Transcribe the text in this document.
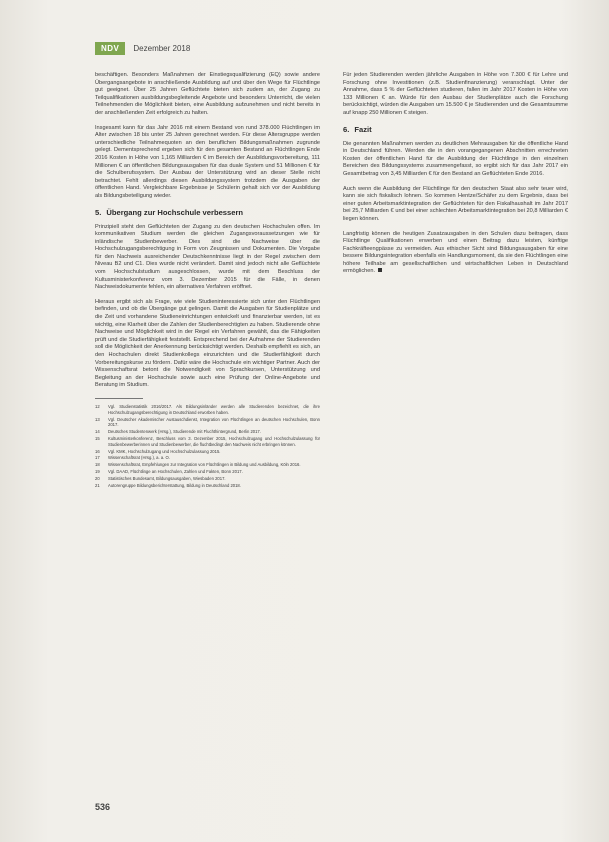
NDV	Dezember 2018

beschäftigen. Besonders Maßnahmen der Einstiegsqualifizierung (EQ) sowie andere Übergangsangebote in anschließende Ausbildung auf und über den Wege für Flüchtlinge gut geeignet. Über 25 Jahren Geflüchtete bieten sich zudem an, der Zugang zu Teilqualifikationen ausbildungsbegleitende Angebote und besonders Unterricht, die vielen Teilnehmenden die Möglichkeit bieten, eine Ausbildung aufzunehmen und nicht bereits in der anschließenden Zeit erfolgreich zu halten.

Insgesamt kann für das Jahr 2016 mit einem Bestand von rund 378.000 Flüchtlingen im Alter zwischen 18 bis unter 25 Jahren gerechnet werden. Für diese Altersgruppe werden unterschiedliche Teilnahmequoten an den beruflichen Bildungsmaßnahmen zugrunde gelegt. Dementsprechend ergeben sich für den gesamten Bestand an Flüchtlingen Ende 2016 Kosten in Höhe von 1,165 Milliarden € im Bereich der Ausbildungsvorbereitung, 111 Millionen € an öffentlichen Bildungsausgaben für das duale System und 51 Millionen € für die Schulberufssystem. Der Ausbau der Unterstützung wird an dieser Stelle nicht betrachtet. Fehlt allerdings diesen Ausbildungssystem trotzdem die Ausgaben der öffentlichen Hand. Vergleichbare Ergebnisse je Schülerin gehalt sich vor der Ausbildung als Bildungsbeteiligung wieder.

5. Übergang zur Hochschule verbessern

Prinzipiell steht den Geflüchteten der Zugang zu den deutschen Hochschulen offen. Im kommunikativen Studium werden die gleichen Zugangsvoraussetzungen wie für inländische Studienbewerber. Dies sind die Nachweise über die Hochschulzugangsberechtigung in Form von Zeugnissen und Dokumenten. Die Vorgabe für den Nachweis ausreichender Deutschkenntnisse liegt in der Regel zwischen dem Niveau B2 und C1. Dies wurde nicht verändert. Damit sind jedoch nicht alle Geflüchtete vom Hochschulstudium ausgeschlossen, wurde mit dem Beschluss der Kultusministerkonferenz vom 3. Dezember 2015 für die Fälle, in denen Nachweisdokumente fehlen, ein alternatives Verfahren eröffnet.

Hieraus ergibt sich als Frage, wie viele Studieninteressierte sich unter den Flüchtlingen befinden, und ob die Übergänge gut gelingen. Damit die Ausgaben für Studienplätze und die Zeit und vorhandene Studieneinrichtungen entwickelt und finanzierbar werden, ist es wichtig, eine Klarheit über die Zahlen der Studienberechtigten zu haben. Studierende ohne Nachweise und Möglichkeit wird in der Regel ein Verfahren gewählt, das die Fähigkeiten prüft und die Studierfähigkeit feststellt. Entsprechend bei der Aufnahme der Studierenden soll die Möglichkeit der Anerkennung berücksichtigt werden. Deshalb empfiehlt es sich, an den Hochschulen direkt Studienkollegs einzurichten und die Studierfähigkeit durch Vorbereitungskurse zu fördern. Dafür wäre die Hochschule ein wichtiger Partner. Auch der Wissenschaftsrat betont die Notwendigkeit von Sprachkursen, Unterstützung und Begleitung an der Hochschule sowie auch eine Prüfung der Online-Angebote und Beratung im Studium.

12	Vgl. Studienstatistik 2016/2017. Als Bildungsinländer werden alle Studierenden bezeichnet, die ihre Hochschulzugangsberechtigung in Deutschland erworben haben.
13	Vgl. Deutscher Akademischer Austauschdienst, Integration von Flüchtlingen an deutschen Hochschulen, Bonn 2017.
14	Deutsches Studentenwerk (Hrsg.), Studierende mit Fluchthintergrund, Berlin 2017.
15	Kultusministerkonferenz, Beschluss vom 3. Dezember 2015, Hochschulzugang und Hochschulzulassung für Studienbewerberinnen und Studienbewerber, die fluchtbedingt den Nachweis nicht erbringen können.
16	Vgl. KMK, Hochschulzugang und Hochschulzulassung 2015.
17	Wissenschaftsrat (Hrsg.), a. a. O.
18	Wissenschaftsrat, Empfehlungen zur Integration von Flüchtlingen in Bildung und Ausbildung, Köln 2016.
19	Vgl. DAAD, Flüchtlinge an Hochschulen, Zahlen und Fakten, Bonn 2017.
20	Statistisches Bundesamt, Bildungsausgaben, Wiesbaden 2017.
21	Autorengruppe Bildungsberichterstattung, Bildung in Deutschland 2018.

Für jeden Studierenden werden jährliche Ausgaben in Höhe von 7.300 € für Lehre und Forschung ohne Investitionen (z.B. Studienfinanzierung) veranschlagt. Unter der Annahme, dass 5 % der Geflüchteten studieren, fallen im Jahr 2017 Kosten in Höhe von 133 Millionen € an. Würde für den Ausbau der Studienplätze auch die Forschung berücksichtigt, würden die Ausgaben um 15.500 € je Studierenden und die Gesamtsumme auf knapp 250 Millionen € steigen.

6. Fazit

Die genannten Maßnahmen werden zu deutlichen Mehrausgaben für die öffentliche Hand in Deutschland führen. Werden die in den vorangegangenen Abschnitten errechneten Kosten der öffentlichen Hand für die Ausbildung der Flüchtlinge in den einzelnen Bereichen des Bildungssystems zusammengefasst, so ergibt sich für das Jahr 2017 ein Gesamtbetrag von 3,45 Milliarden € für den Bestand an Geflüchteten Ende 2016.

Auch wenn die Ausbildung der Flüchtlinge für den deutschen Staat also sehr teuer wird, kann sie sich fiskalisch lohnen. So kommen Hentze/Schäfer zu dem Ergebnis, dass bei einer guten Arbeitsmarktintegration der Geflüchteten für den Fiskalhaushalt im Jahr 2017 bei 25,7 Milliarden € und bei einer schlechten Arbeitsmarktintegration bei 20,8 Milliarden € liegen können.

Langfristig können die heutigen Zusatzausgaben in den Schulen dazu beitragen, dass Flüchtlinge Qualifikationen erwerben und einen Beitrag dazu leisten, künftige Fachkräfteengpässe zu vermeiden. Aus ethischer Sicht sind Bildungsausgaben für eine bessere Bildungsintegration ebenfalls ein Handlungsmoment, da sie den Flüchtlingen eine höhere Teilhabe am gesellschaftlichen und wirtschaftlichen Leben in Deutschland ermöglichen.

536
